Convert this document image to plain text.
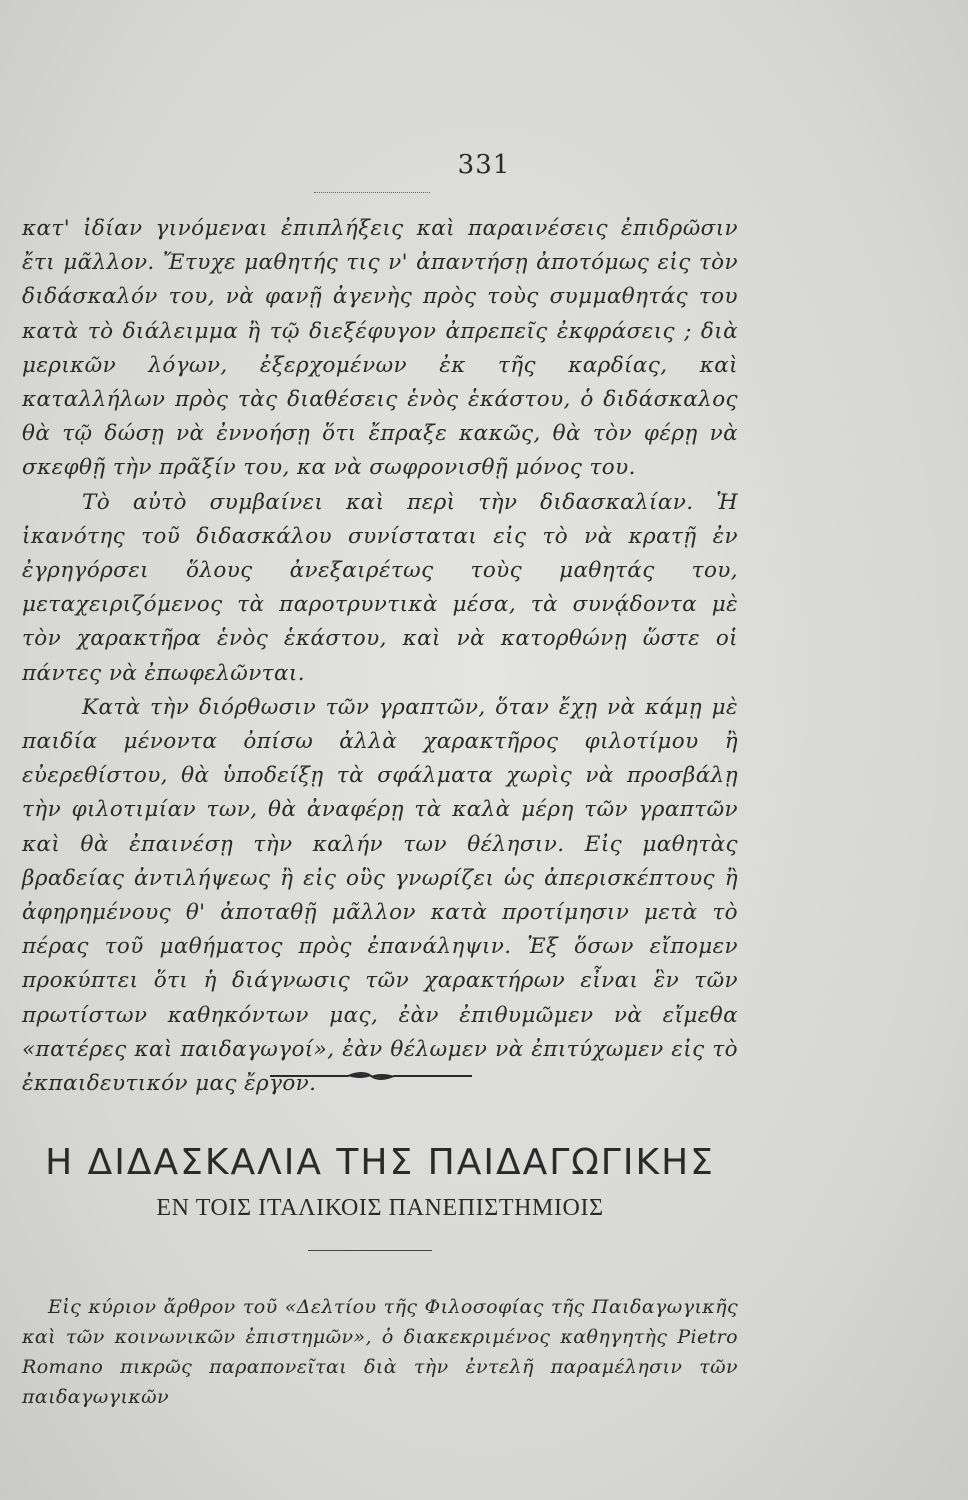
331

κατ' ἰδίαν γινόμεναι ἐπιπλήξεις καὶ παραινέσεις ἐπιδρῶσιν ἔτι μᾶλλον. Ἔτυχε μαθητής τις ν' ἀπαντήσῃ ἀποτόμως εἰς τὸν διδάσκαλόν του, νὰ φανῇ ἀγενὴς πρὸς τοὺς συμμαθητάς του κατὰ τὸ διάλειμμα ἢ τῷ διεξέφυγον ἀπρεπεῖς ἐκφράσεις ; διὰ μερικῶν λόγων, ἐξερχομένων ἐκ τῆς καρδίας, καὶ καταλλήλων πρὸς τὰς διαθέσεις ἑνὸς ἑκάστου, ὁ διδάσκαλος θὰ τῷ δώσῃ νὰ ἐννοήσῃ ὅτι ἔπραξε κακῶς, θὰ τὸν φέρῃ νὰ σκεφθῇ τὴν πρᾶξίν του, κα νὰ σωφρονισθῇ μόνος του.

Τὸ αὐτὸ συμβαίνει καὶ περὶ τὴν διδασκαλίαν. Ἡ ἱκανότης τοῦ διδασκάλου συνίσταται εἰς τὸ νὰ κρατῇ ἐν ἐγρηγόρσει ὅλους ἀνεξαιρέτως τοὺς μαθητάς του, μεταχειριζόμενος τὰ παροτρυντικὰ μέσα, τὰ συνᾴδοντα μὲ τὸν χαρακτῆρα ἑνὸς ἑκάστου, καὶ νὰ κατορθώνῃ ὥστε οἱ πάντες νὰ ἐπωφελῶνται.

Κατὰ τὴν διόρθωσιν τῶν γραπτῶν, ὅταν ἔχῃ νὰ κάμῃ μὲ παιδία μένοντα ὀπίσω ἀλλὰ χαρακτῆρος φιλοτίμου ἢ εὐερεθίστου, θὰ ὑποδείξῃ τὰ σφάλματα χωρὶς νὰ προσβάλῃ τὴν φιλοτιμίαν των, θὰ ἀναφέρῃ τὰ καλὰ μέρη τῶν γραπτῶν καὶ θὰ ἐπαινέσῃ τὴν καλήν των θέλησιν. Εἰς μαθητὰς βραδείας ἀντιλήψεως ἢ εἰς οὓς γνωρίζει ὡς ἀπερισκέπτους ἢ ἀφηρημένους θ' ἀποταθῇ μᾶλλον κατὰ προτίμησιν μετὰ τὸ πέρας τοῦ μαθήματος πρὸς ἐπανάληψιν. Ἐξ ὅσων εἴπομεν προκύπτει ὅτι ἡ διάγνωσις τῶν χαρακτήρων εἶναι ἓν τῶν πρωτίστων καθηκόντων μας, ἐὰν ἐπιθυμῶμεν νὰ εἴμεθα «πατέρες καὶ παιδαγωγοί», ἐὰν θέλωμεν νὰ ἐπιτύχωμεν εἰς τὸ ἐκπαιδευτικόν μας ἔργον.

Η ΔΙΔΑΣΚΑΛΙΑ ΤΗΣ ΠΑΙΔΑΓΩΓΙΚΗΣ
ΕΝ ΤΟΙΣ ΙΤΑΛΙΚΟΙΣ ΠΑΝΕΠΙΣΤΗΜΙΟΙΣ

Εἰς κύριον ἄρθρον τοῦ «Δελτίου τῆς Φιλοσοφίας τῆς Παιδαγωγικῆς καὶ τῶν κοινωνικῶν ἐπιστημῶν», ὁ διακεκριμένος καθηγητὴς Pietro Romano πικρῶς παραπονεῖται διὰ τὴν ἐντελῆ παραμέλησιν τῶν παιδαγωγικῶν
